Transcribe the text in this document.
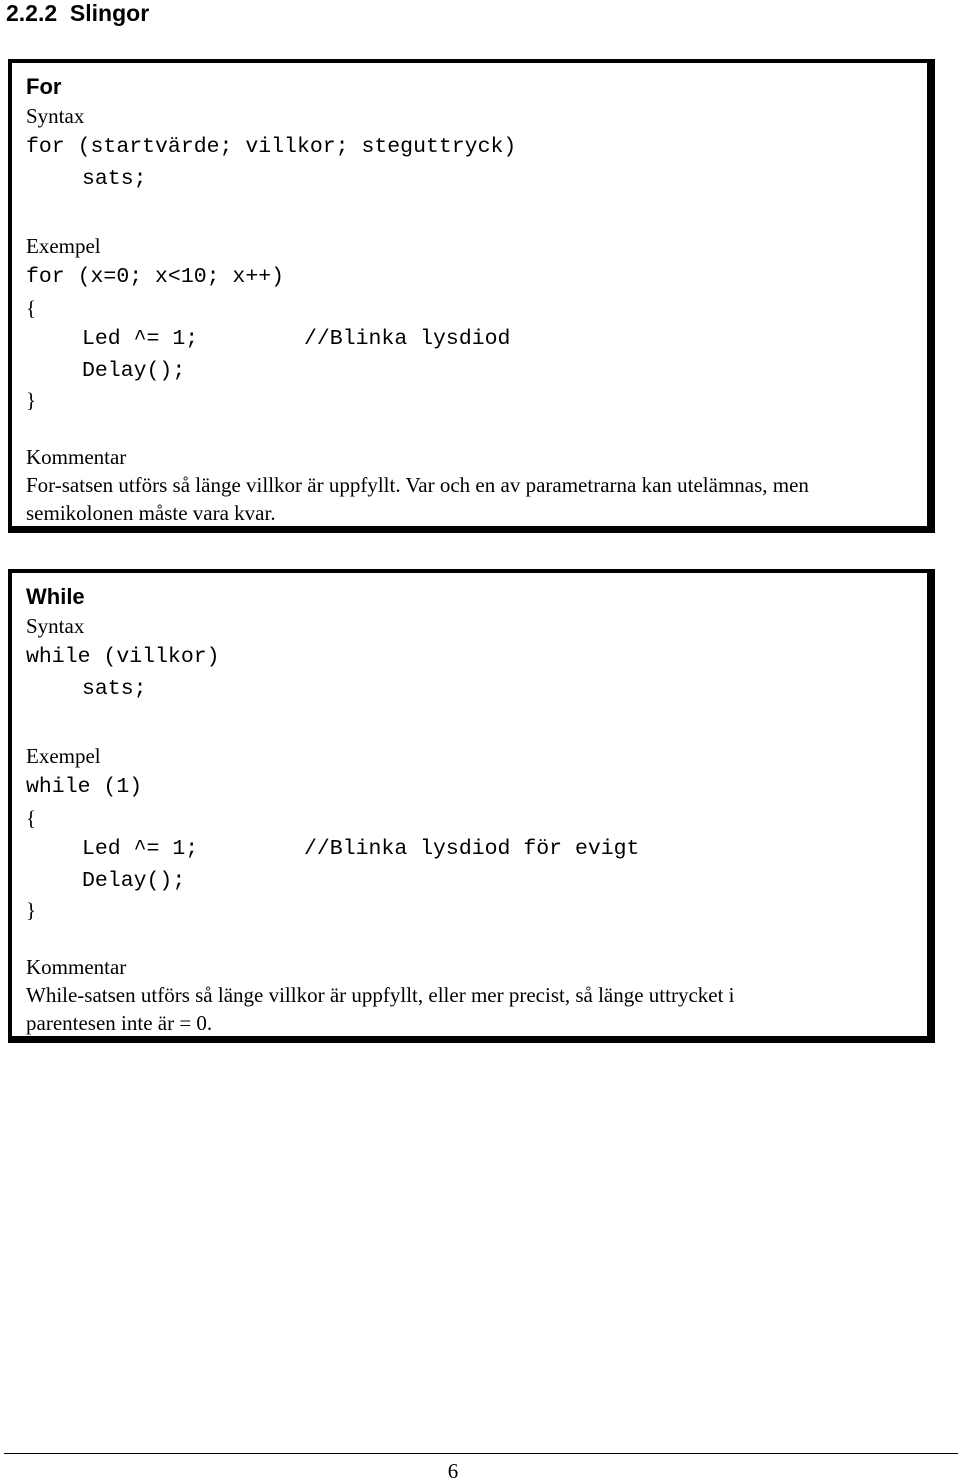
2.2.2  Slingor
For
Syntax
for (startvärde; villkor; steguttryck)
sats;
Exempel
for (x=0; x<10; x++)
{
Led ^= 1;	//Blinka lysdiod
Delay();
}
Kommentar
For-satsen utförs så länge villkor är uppfyllt. Var och en av parametrarna kan utelämnas, men
semikolonen måste vara kvar.
While
Syntax
while (villkor)
sats;
Exempel
while (1)
{
Led ^= 1;	//Blinka lysdiod för evigt
Delay();
}
Kommentar
While-satsen utförs så länge villkor är uppfyllt, eller mer precist, så länge uttrycket i
parentesen inte är = 0.
6
